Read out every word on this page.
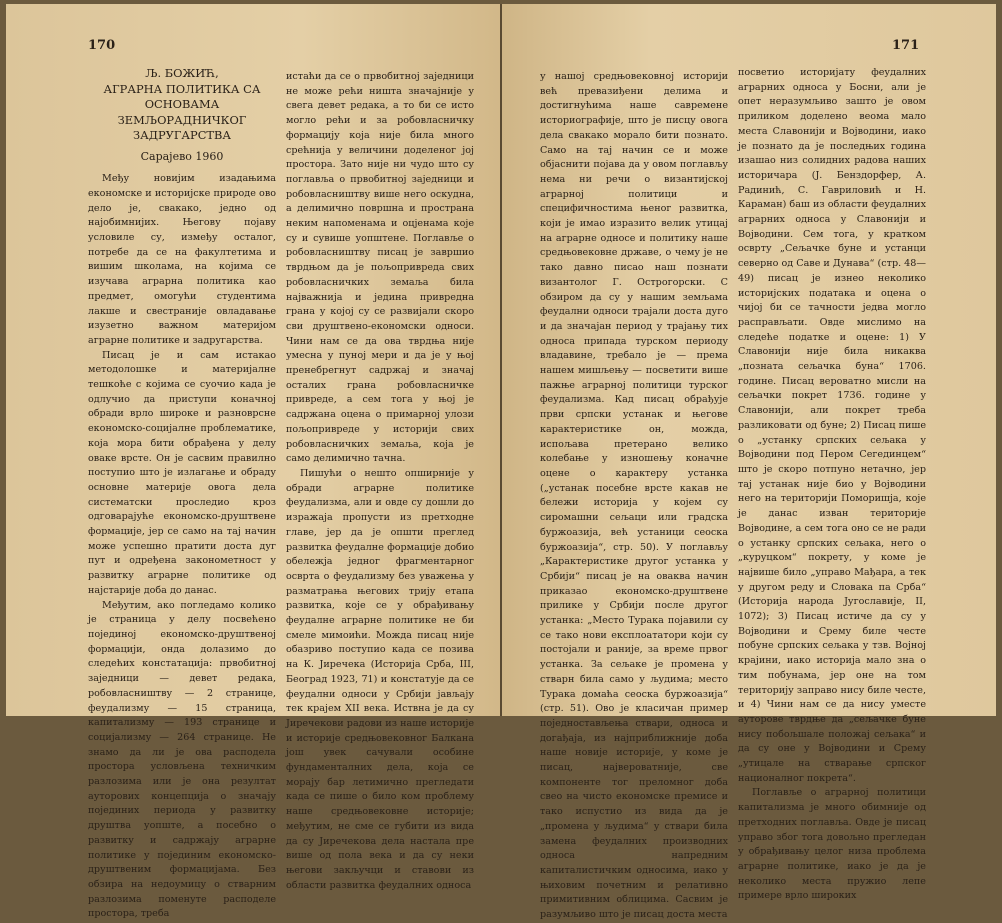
170
Љ. БОЖИЋ,
АГРАРНА ПОЛИТИКА СА
ОСНОВАМА ЗЕМЉОРАДНИЧКОГ
ЗАДРУГАРСТВА
Сарајево 1960

Међу новијим изадањима економске и историјске природе ово дело је, свакако, једно од најобимнијих. Његову појаву условиле су, између осталог, потребе да се на факултетима и вишим школама, на којима се изучава аграрна политика као предмет, омогући студентима лакше и свестраније овладавање изузетно важном материјом аграрне политике и задругарства.

Писац је и сам истакао методолошке и материјалне тешкоће с којима се суочио када је одлучио да приступи коначној обради врло широке и разноврсне економско-социјалне проблематике, која мора бити обрађена у делу оваке врсте. Он је сасвим правилно поступио што је излагање и обраду основне материје овога дела систематски проследио кроз одговарајуће економско-друштвене формације, јер се само на тај начин може успешно пратити доста дуг пут и одређена законометност у развитку аграрне политике од најстарије доба до данас.

Међутим, ако погледамо колико је страница у делу посвећено појединој економско-друштвеној формацији, онда долазимо до следећих констатација: првобитној заједници — девет редака, робовласништву — 2 странице, феудализму — 15 страница, капитализму — 193 странице и социјализму — 264 странице. Не знамо да ли је ова расподела простора условљена техничким разлозима или је она резултат ауторових концепција о значају појединих периода у развитку друштва уопште, а посебно о развитку и садржају аграрне политике у појединим економско-друштвеним формацијама. Без обзира на недоумицу о стварним разлозима поменуте расподеле простора, треба

истаћи да се о првобитној заједници не може рећи ништа значајније у свега девет редака, а то би се исто могло рећи и за робовласничку формацију која није била много срећнија у величини доделеног јој простора. Зато није ни чудо што су поглавља о првобитној заједници и робовласништву више него оскудна, а делимично површна и пространа неким напоменама и оцјенама које су и сувише уопштене. Поглавље о робовласништву писац је завршио тврдњом да је пољопривреда свих робовласничких земаља била најважнија и једина привредна грана у којој су се развијали скоро сви друштвено-економски односи. Чини нам се да ова тврдња није умесна у пуној мери и да је у њој пренебрегнут садржај и значај осталих грана робовласничке привреде, а сем тога у њој је садржана оцена о примарној улози пољопривреде у историји свих робовласничких земаља, која је само делимично тачна.

Пишући о нешто опширније у обради аграрне политике феудализма, али и овде су дошли до изражаја пропусти из претходне главе, јер да је општи преглед развитка феудалне формације добио обележја једног фрагментарног осврта о феудализму без уважења у разматрања његових трију етапа развитка, које се у обрађивању феудалне аграрне политике не би смеле мимоићи. Можда писац није обазриво поступио када се позива на К. Јиречека (Историја Срба, III, Београд 1923, 71) и констатује да се феудални односи у Србији јављају тек крајем XII века. Иствна је да су Јиречекови радови из наше историје и историје средњовековног Балкана још увек сачували особине фундаменталних дела, која се морају бар летимично прегледати када се пише о било ком проблему наше средњовековне историје; међутим, не сме се губити из вида да су Јиречекова дела настала пре више од пола века и да су неки његови закључци и ставови из области развитка феудалних односа

171

у нашој средњовековној историји већ превазиђени делима и достигнућима наше савремене историографије, што је писцу овога дела свакако морало бити познато. Само на тај начин се и може објаснити појава да у овом поглављу нема ни речи о византијској аграрној политици и специфичностима њеног развитка, који је имао изразито велик утицај на аграрне односе и политику наше средњовековне државе, о чему је не тако давно писао наш познати византолог Г. Острогорски. С обзиром да су у нашим земљама феудални односи трајали доста дуго и да значајан период у трајању тих односа припада турском периоду владавине, требало је — према нашем мишљењу — посветити више пажње аграрној политици турског феудализма. Кад писац обрађује први српски устанак и његове карактеристике он, можда, испољава претерано велико колебање у изношењу коначне оцене о карактеру устанка („устанак посебне врсте какав не бележи историја у којем су сиромашни сељаци или градска буржоазија, већ устаници сеоска буржоазија“, стр. 50). У поглављу „Карактеристике другог устанка у Србији“ писац је на оваква начин приказао економско-друштвене прилике у Србији после другог устанка: „Место Турака појавили су се тако нови експлоататори који су постојали и раније, за време првог устанка. За сељаке је промена у стварн била само у људима; место Турака домаћа сеоска буржоазија“ (стр. 51). Ово је класичан пример поједностављења ствари, односа и догађаја, из најприближније доба наше новије историје, у коме је писац, највероватније, све компоненте тог преломног доба свео на чисто економске премисе и тако испустио из вида да је „промена у људима“ у ствари била замена феудалних производних односа напредним капиталистичким односима, иако у њиховим почетним и релативно примитивним облицима. Сасвим је разумљиво што је писац доста места

посветио историјату феудалних аграрних односа у Босни, али је опет неразумљиво зашто је овом приликом доделено веома мало места Славонији и Војводини, иако је познато да је последњих година изашао низ солидних радова наших историчара (Ј. Бенздорфер, А. Радинић, С. Гавриловић и Н. Караман) баш из области феудалних аграрних односа у Славонији и Војводини. Сем тога, у кратком осврту „Сељачке буне и устанци северно од Саве и Дунава“ (стр. 48—49) писац је изнео неколико историјских података и оцена о чијој би се тачности једва могло расправљати. Овде мислимо на следеће податке и оцене: 1) У Славонији није била никаква „позната сељачка буна“ 1706. године. Писац вероватно мисли на сељачки покрет 1736. године у Славонији, али покрет треба разликовати од буне; 2) Писац пише о „устанку српских сељака у Војводини под Пером Сегединцем“ што је скоро потпуно нетачно, јер тај устанак није био у Војводини него на територији Поморишја, које је данас изван територије Војводине, а сем тога оно се не ради о устанку српских сељака, него о „куруцком“ покрету, у коме је највише било „управо Мађара, а тек у другом реду и Словака па Срба“ (Историја народа Југославије, II, 1072); 3) Писац истиче да су у Војводини и Срему биле честе побуне српских сељака у тзв. Војној крајини, иако историја мало зна о тим побунама, јер оне на том територију заправо нису биле честе, и 4) Чини нам се да нису уместе ауторове тврдње да „сељачке буне нису побољшале положај сељака“ и да су оне у Војводини и Срему „утицале на стварање српског националног покрета“.

Поглавље о аграрној политици капитализма је много обимније од претходних поглавља. Овде је писац управо због тога довољно прегледан у обрађивању целог низа проблема аграрне политике, иако је да је неколико места пружио лепе примере врло широких
